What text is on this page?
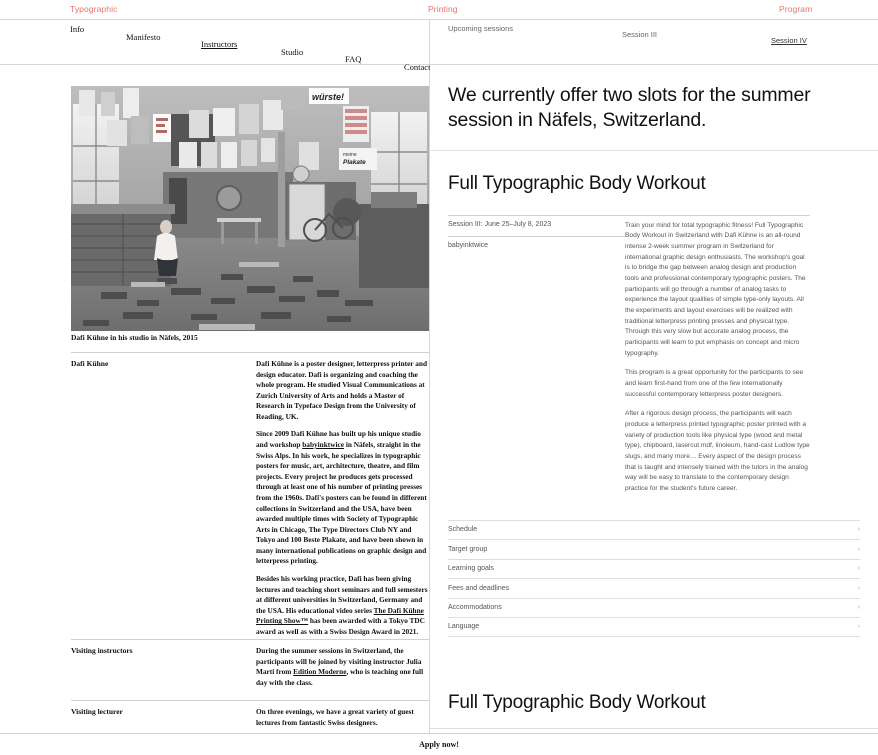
Typographic	Printing	Program
Info
Manifesto
Instructors
Studio
FAQ
Contact
würste!
meine
Plakate
Dafi Kühne in his studio in Näfels, 2015
Dafi Kühne	Dafi Kühne is a poster designer, letterpress printer and design educator. Dafi is organizing and coaching the whole program. He studied Visual Communications at Zurich University of Arts and holds a Master of Research in Typeface Design from the University of Reading, UK.

Since 2009 Dafi Kühne has built up his unique studio and workshop babyinktwice in Näfels, straight in the Swiss Alps. In his work, he specializes in typographic posters for music, art, architecture, theatre, and film projects. Every project he produces gets processed through at least one of his number of printing presses from the 1960s. Dafi's posters can be found in different collections in Switzerland and the USA, have been awarded multiple times with Society of Typographic Arts in Chicago, The Type Directors Club NY and Tokyo and 100 Beste Plakate, and have been shown in many international publications on graphic design and letterpress printing.

Besides his working practice, Dafi has been giving lectures and teaching short seminars and full semesters at different universities in Switzerland, Germany and the USA. His educational video series The Dafi Kühne Printing Show™ has been awarded with a Tokyo TDC award as well as with a Swiss Design Award in 2021.

Visiting instructors	During the summer sessions in Switzerland, the participants will be joined by visiting instructor Julia Marti from Edition Moderne, who is teaching one full day with the class.

Visiting lecturer	On three evenings, we have a great variety of guest lectures from fantastic Swiss designers.

Upcoming sessions
Session III
Session IV
We currently offer two slots for the summer session in Näfels, Switzerland.
Full Typographic Body Workout
Session III: June 25–July 8, 2023
babyinktwice

Train your mind for total typographic fitness! Full Typographic Body Workout in Switzerland with Dafi Kühne is an all-round intense 2-week summer program in Switzerland for international graphic design enthusiasts. The workshop's goal is to bridge the gap between analog design and production tools and professional contemporary typographic posters. The participants will go through a number of analog tasks to experience the layout qualities of simple type-only layouts. All the experiments and layout exercises will be realized with traditional letterpress printing presses and physical type. Through this very slow but accurate analog process, the participants will learn to put emphasis on concept and micro typography.

This program is a great opportunity for the participants to see and learn first-hand from one of the few internationally successful contemporary letterpress poster designers.

After a rigorous design process, the participants will each produce a letterpress printed typographic poster printed with a variety of production tools like physical type (wood and metal type), chipboard, lasercut mdf, linoleum, hand-cast Ludlow type slugs, and many more… Every aspect of the design process that is taught and intensely trained with the tutors in the analog way will be easy to translate to the contemporary design practice for the student's future career.

Schedule	›
Target group	›
Learning goals	›
Fees and deadlines	›
Accommodations	›
Language	›
Full Typographic Body Workout
Apply now!
